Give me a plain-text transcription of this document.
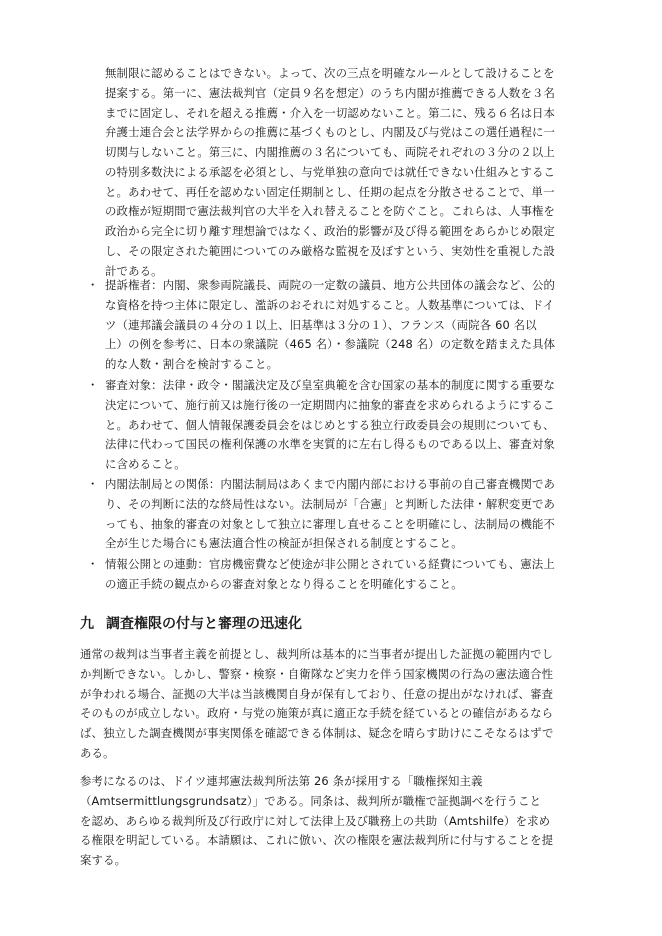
無制限に認めることはできない。よって、次の三点を明確なルールとして設けることを
提案する。第一に、憲法裁判官（定員９名を想定）のうち内閣が推薦できる人数を３名
までに固定し、それを超える推薦・介入を一切認めないこと。第二に、残る６名は日本
弁護士連合会と法学界からの推薦に基づくものとし、内閣及び与党はこの選任過程に一
切関与しないこと。第三に、内閣推薦の３名についても、両院それぞれの３分の２以上
の特別多数決による承認を必須とし、与党単独の意向では就任できない仕組みとするこ
と。あわせて、再任を認めない固定任期制とし、任期の起点を分散させることで、単一
の政権が短期間で憲法裁判官の大半を入れ替えることを防ぐこと。これらは、人事権を
政治から完全に切り離す理想論ではなく、政治的影響が及び得る範囲をあらかじめ限定
し、その限定された範囲についてのみ厳格な監視を及ぼすという、実効性を重視した設
計である。
・ 提訴権者：内閣、衆参両院議長、両院の一定数の議員、地方公共団体の議会など、公的
な資格を持つ主体に限定し、濫訴のおそれに対処すること。人数基準については、ドイ
ツ（連邦議会議員の４分の１以上、旧基準は３分の１）、フランス（両院各 60 名以
上）の例を参考に、日本の衆議院（465 名）・参議院（248 名）の定数を踏まえた具体
的な人数・割合を検討すること。
・ 審査対象：法律・政令・閣議決定及び皇室典範を含む国家の基本的制度に関する重要な
決定について、施行前又は施行後の一定期間内に抽象的審査を求められるようにするこ
と。あわせて、個人情報保護委員会をはじめとする独立行政委員会の規則についても、
法律に代わって国民の権利保護の水準を実質的に左右し得るものである以上、審査対象
に含めること。
・ 内閣法制局との関係：内閣法制局はあくまで内閣内部における事前の自己審査機関であ
り、その判断に法的な終局性はない。法制局が「合憲」と判断した法律・解釈変更であ
っても、抽象的審査の対象として独立に審理し直せることを明確にし、法制局の機能不
全が生じた場合にも憲法適合性の検証が担保される制度とすること。
・ 情報公開との連動：官房機密費など使途が非公開とされている経費についても、憲法上
の適正手続の観点からの審査対象となり得ることを明確化すること。
九 調査権限の付与と審理の迅速化
通常の裁判は当事者主義を前提とし、裁判所は基本的に当事者が提出した証拠の範囲内でし
か判断できない。しかし、警察・検察・自衛隊など実力を伴う国家機関の行為の憲法適合性
が争われる場合、証拠の大半は当該機関自身が保有しており、任意の提出がなければ、審査
そのものが成立しない。政府・与党の施策が真に適正な手続を経ているとの確信があるなら
ば、独立した調査機関が事実関係を確認できる体制は、疑念を晴らす助けにこそなるはずで
ある。
参考になるのは、ドイツ連邦憲法裁判所法第 26 条が採用する「職権探知主義
（Amtsermittlungsgrundsatz）」である。同条は、裁判所が職権で証拠調べを行うこと
を認め、あらゆる裁判所及び行政庁に対して法律上及び職務上の共助（Amtshilfe）を求め
る権限を明記している。本請願は、これに倣い、次の権限を憲法裁判所に付与することを提
案する。
